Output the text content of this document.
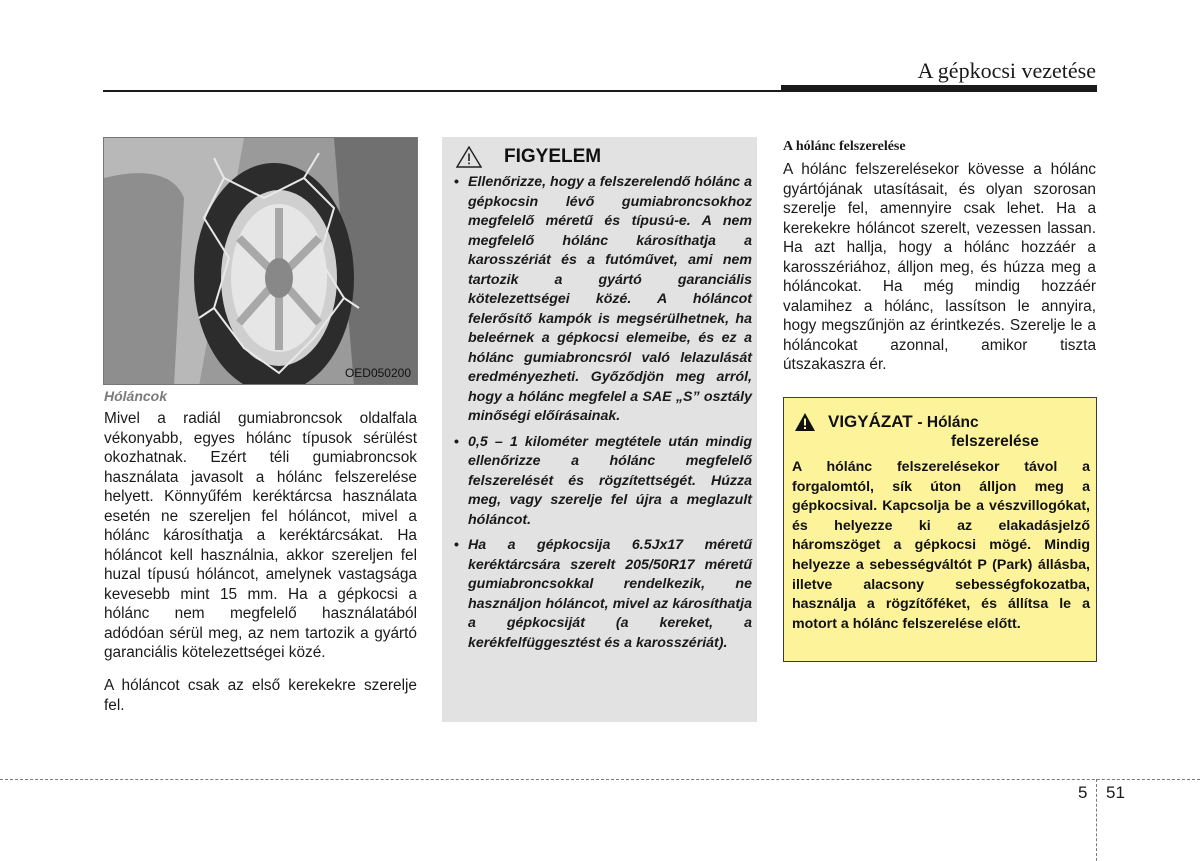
A gépkocsi vezetése
OED050200
Hóláncok

Mivel a radiál gumiabroncsok oldalfala vékonyabb, egyes hólánc típusok sérülést okozhatnak. Ezért téli gumiabroncsok használata javasolt a hólánc felszerelése helyett. Könnyűfém keréktárcsa használata esetén ne szereljen fel hóláncot, mivel a hólánc károsíthatja a keréktárcsákat. Ha hóláncot kell használnia, akkor szereljen fel huzal típusú hóláncot, amelynek vastagsága kevesebb mint 15 mm. Ha a gépkocsi a hólánc nem megfelelő használatából adódóan sérül meg, az nem tartozik a gyártó garanciális kötelezettségei közé.

A hóláncot csak az első kerekekre szerelje fel.

FIGYELEM
• Ellenőrizze, hogy a felszerelendő hólánc a gépkocsin lévő gumiabroncsokhoz megfelelő méretű és típusú-e. A nem megfelelő hólánc károsíthatja a karosszériát és a futóművet, ami nem tartozik a gyártó garanciális kötelezettségei közé. A hóláncot felerősítő kampók is megsérülhetnek, ha beleérnek a gépkocsi elemeibe, és ez a hólánc gumiabroncsról való lelazulását eredményezheti. Győződjön meg arról, hogy a hólánc megfelel a SAE „S” osztály minőségi előírásainak.
• 0,5 – 1 kilométer megtétele után mindig ellenőrizze a hólánc megfelelő felszerelését és rögzítettségét. Húzza meg, vagy szerelje fel újra a meglazult hóláncot.
• Ha a gépkocsija 6.5Jx17 méretű keréktárcsára szerelt 205/50R17 méretű gumiabroncsokkal rendelkezik, ne használjon hóláncot, mivel az károsíthatja a gépkocsiját (a kereket, a kerékfelfüggesztést és a karosszériát).
A hólánc felszerelése

A hólánc felszerelésekor kövesse a hólánc gyártójának utasításait, és olyan szorosan szerelje fel, amennyire csak lehet. Ha a kerekekre hóláncot szerelt, vezessen lassan. Ha azt hallja, hogy a hólánc hozzáér a karosszériához, álljon meg, és húzza meg a hóláncokat. Ha még mindig hozzáér valamihez a hólánc, lassítson le annyira, hogy megszűnjön az érintkezés. Szerelje le a hóláncokat azonnal, amikor tiszta útszakaszra ér.

VIGYÁZAT - Hólánc
felszerelése

A hólánc felszerelésekor távol a forgalomtól, sík úton álljon meg a gépkocsival. Kapcsolja be a vészvillogókat, és helyezze ki az elakadásjelző háromszöget a gépkocsi mögé. Mindig helyezze a sebességváltót P (Park) állásba, illetve alacsony sebességfokozatba, használja a rögzítőféket, és állítsa le a motort a hólánc felszerelése előtt.

5 51
